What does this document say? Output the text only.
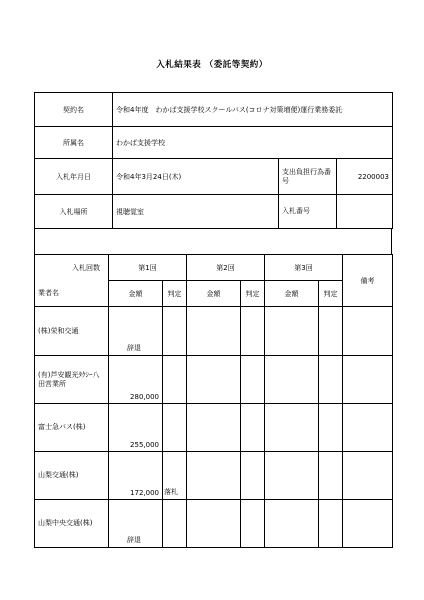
入札結果表 （委託等契約）
契約名	令和4年度　わかば支援学校スクールバス(コロナ対策増便)運行業務委託		
所属名	わかば支援学校		
入札年月日	令和4年3月24日(木)	支出負担行為番号	2200003
入札場所	視聴覚室	入札番号	
入札回数	第1回		第2回		第3回		備考
業者名	金額	判定	金額	判定	金額	判定	
(株)栄和交通	辞退						
(有)芦安観光ﾀｸｼｰ八田営業所	280,000						
富士急バス(株)	255,000						
山梨交通(株)	172,000	落札					
山梨中央交通(株)	辞退						
